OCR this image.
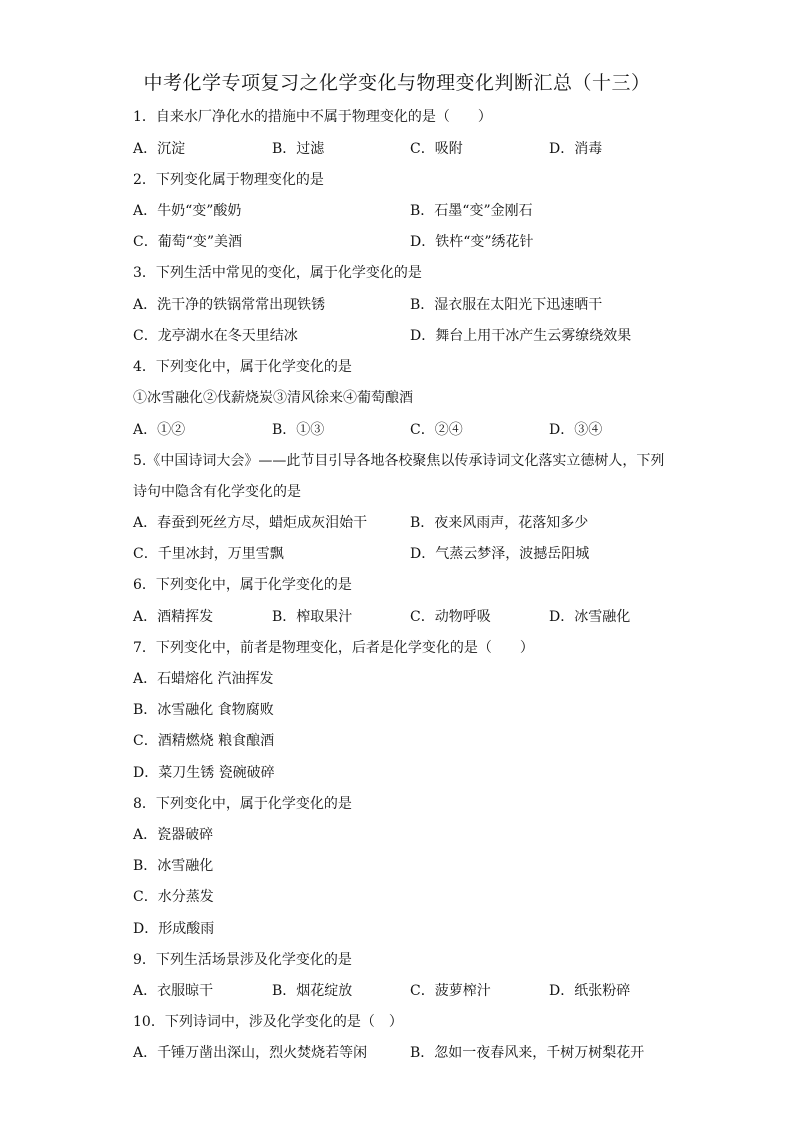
中考化学专项复习之化学变化与物理变化判断汇总（十三）
1．自来水厂净化水的措施中不属于物理变化的是（　　）
A．沉淀	B．过滤	C．吸附	D．消毒
2．下列变化属于物理变化的是
A．牛奶“变”酸奶	B．石墨“变”金刚石
C．葡萄“变”美酒	D．铁杵“变”绣花针
3．下列生活中常见的变化，属于化学变化的是
A．洗干净的铁锅常常出现铁锈	B．湿衣服在太阳光下迅速晒干
C．龙亭湖水在冬天里结冰	D．舞台上用干冰产生云雾缭绕效果
4．下列变化中，属于化学变化的是
①冰雪融化②伐薪烧炭③清风徐来④葡萄酿酒
A．①②	B．①③	C．②④	D．③④
5.《中国诗词大会》——此节目引导各地各校聚焦以传承诗词文化落实立德树人，下列
诗句中隐含有化学变化的是
A．春蚕到死丝方尽，蜡炬成灰泪始干	B．夜来风雨声，花落知多少
C．千里冰封，万里雪飘	D．气蒸云梦泽，波撼岳阳城
6．下列变化中，属于化学变化的是
A．酒精挥发	B．榨取果汁	C．动物呼吸	D．冰雪融化
7．下列变化中，前者是物理变化，后者是化学变化的是（　　）
A．石蜡熔化 汽油挥发
B．冰雪融化 食物腐败
C．酒精燃烧 粮食酿酒
D．菜刀生锈 瓷碗破碎
8．下列变化中，属于化学变化的是
A．瓷器破碎
B．冰雪融化
C．水分蒸发
D．形成酸雨
9．下列生活场景涉及化学变化的是
A．衣服晾干	B．烟花绽放	C．菠萝榨汁	D．纸张粉碎
10．下列诗词中，涉及化学变化的是（　）
A．千锤万凿出深山，烈火焚烧若等闲	B．忽如一夜春风来，千树万树梨花开
